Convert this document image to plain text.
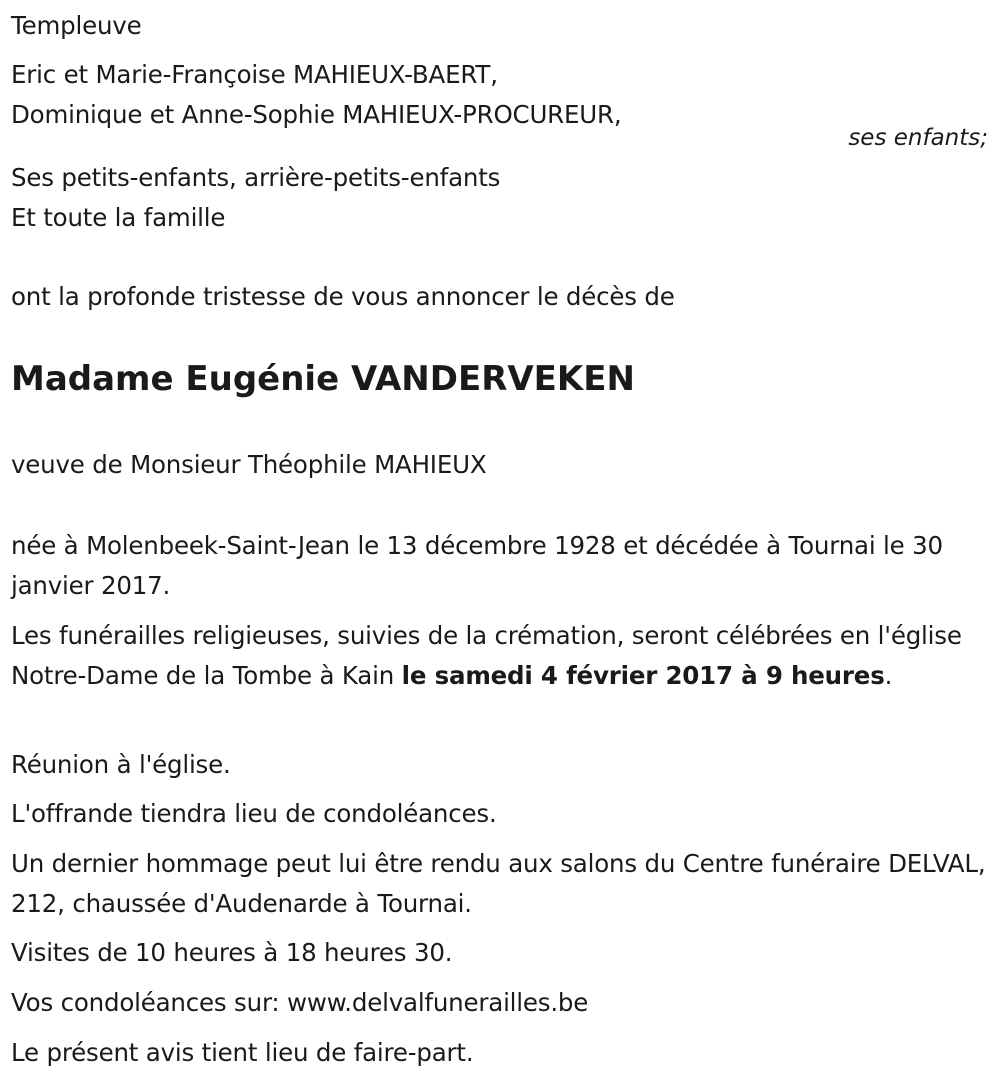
Templeuve
Eric et Marie-Françoise MAHIEUX-BAERT,
Dominique et Anne-Sophie MAHIEUX-PROCUREUR,
ses enfants;
Ses petits-enfants, arrière-petits-enfants
Et toute la famille
ont la profonde tristesse de vous annoncer le décès de
Madame Eugénie VANDERVEKEN
veuve de Monsieur Théophile MAHIEUX
née à Molenbeek-Saint-Jean le 13 décembre 1928 et décédée à Tournai le 30 janvier 2017.
Les funérailles religieuses, suivies de la crémation, seront célébrées en l'église Notre-Dame de la Tombe à Kain le samedi 4 février 2017 à 9 heures.
Réunion à l'église.
L'offrande tiendra lieu de condoléances.
Un dernier hommage peut lui être rendu aux salons du Centre funéraire DELVAL, 212, chaussée d'Audenarde à Tournai.
Visites de 10 heures à 18 heures 30.
Vos condoléances sur: www.delvalfunerailles.be
Le présent avis tient lieu de faire-part.
